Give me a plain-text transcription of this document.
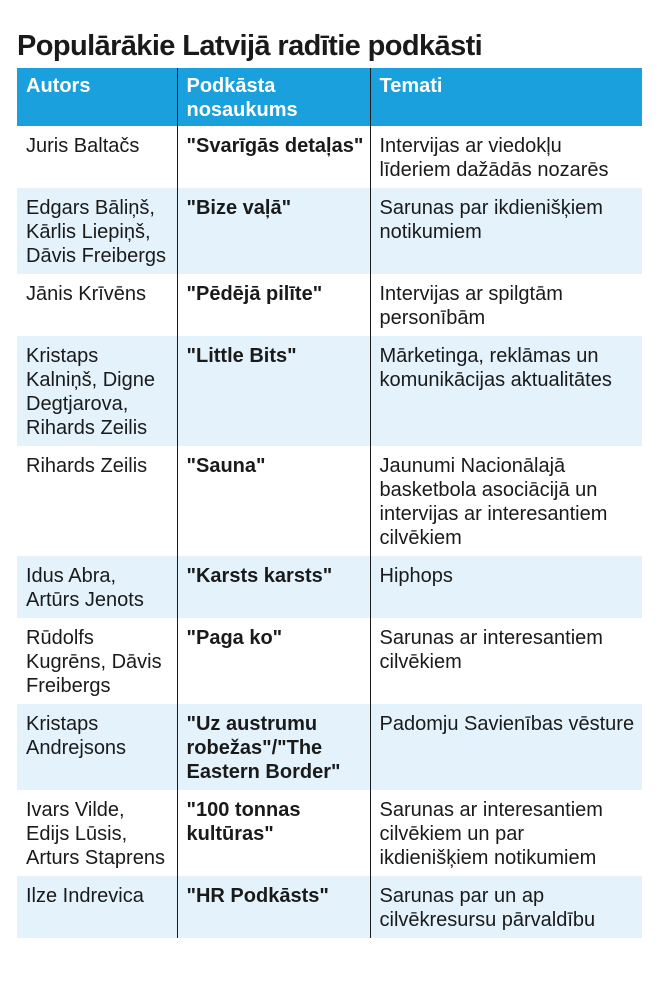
Populārākie Latvijā radītie podkāsti
Autors	Podkāsta nosaukums	Temati
Juris Baltačs	"Svarīgās detaļas"	Intervijas ar viedokļu līderiem dažādās nozarēs
Edgars Bāliņš, Kārlis Liepiņš, Dāvis Freibergs	"Bize vaļā"	Sarunas par ikdienišķiem notikumiem
Jānis Krīvēns	"Pēdējā pilīte"	Intervijas ar spilgtām personībām
Kristaps Kalniņš, Digne Degtjarova, Rihards Zeilis	"Little Bits"	Mārketinga, reklāmas un komunikācijas aktualitātes
Rihards Zeilis	"Sauna"	Jaunumi Nacionālajā basketbola asociācijā un intervijas ar interesantiem cilvēkiem
Idus Abra, Artūrs Jenots	"Karsts karsts"	Hiphops
Rūdolfs Kugrēns, Dāvis Freibergs	"Paga ko"	Sarunas ar interesantiem cilvēkiem
Kristaps Andrejsons	"Uz austrumu robežas"/"The Eastern Border"	Padomju Savienības vēsture
Ivars Vilde, Edijs Lūsis, Arturs Staprens	"100 tonnas kultūras"	Sarunas ar interesantiem cilvēkiem un par ikdienišķiem notikumiem
Ilze Indrevica	"HR Podkāsts"	Sarunas par un ap cilvēkresursu pārvaldību
